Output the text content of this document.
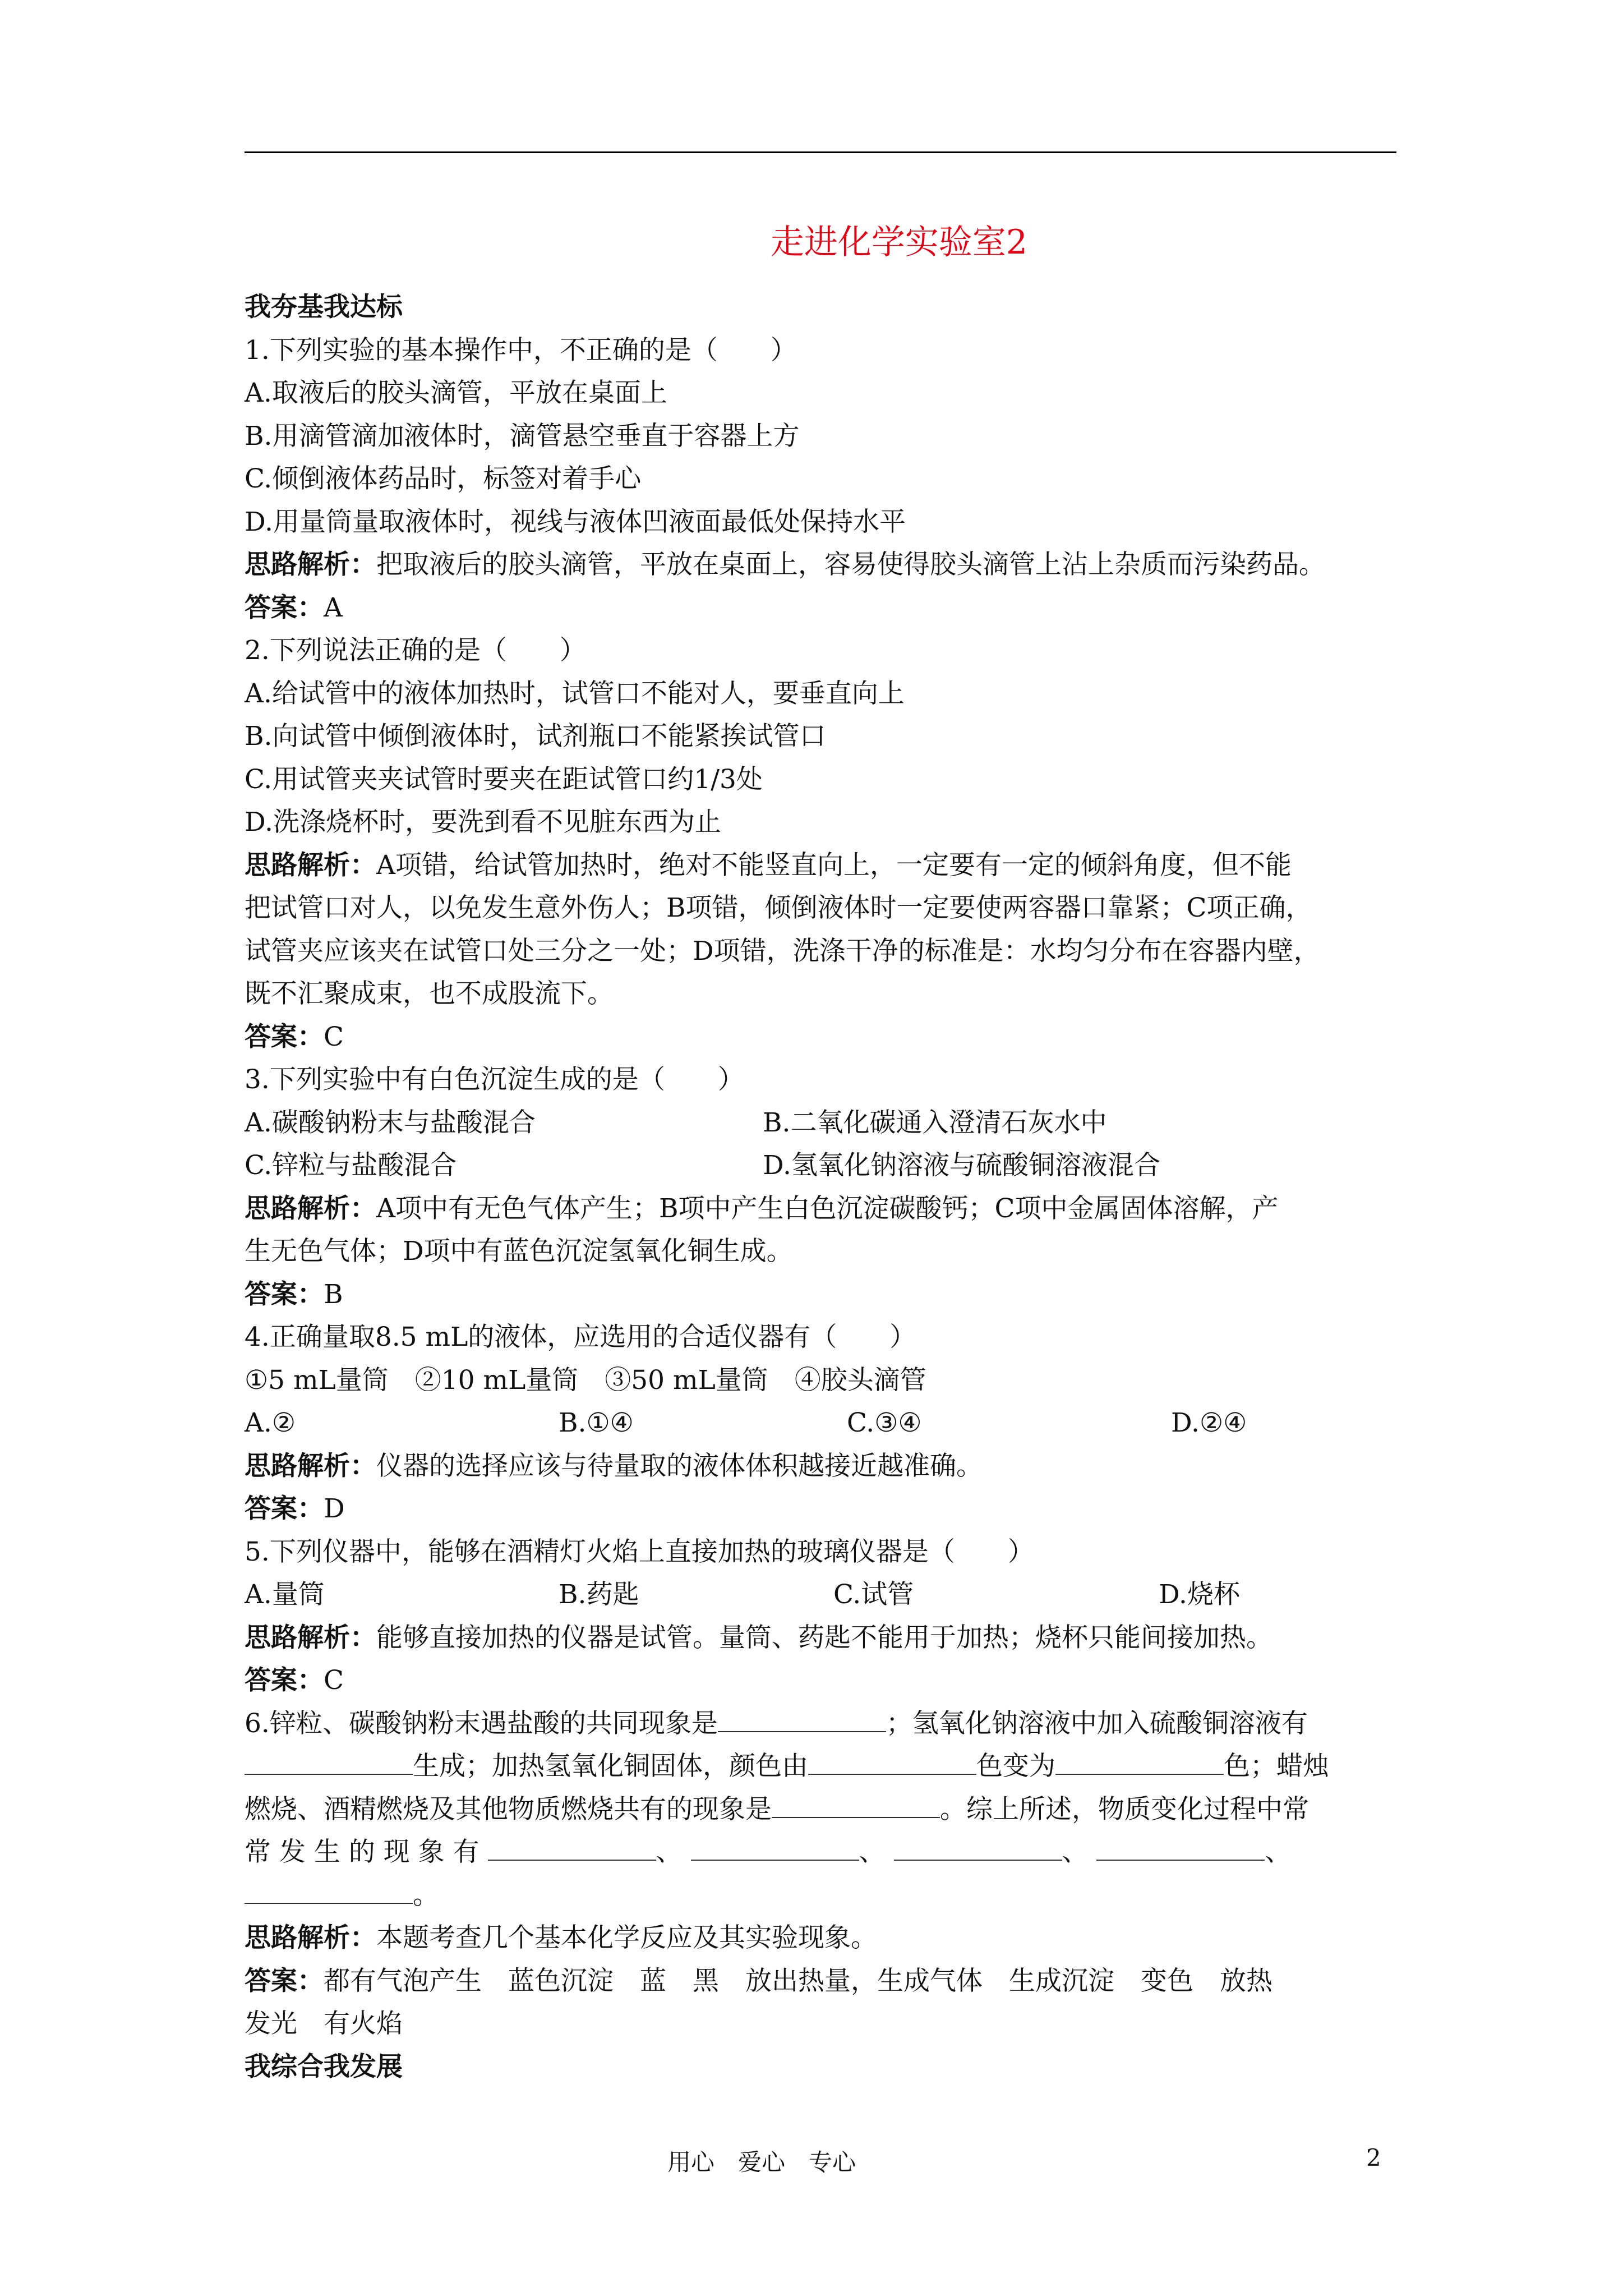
走进化学实验室2
我夯基我达标
1.下列实验的基本操作中，不正确的是（　　）
A.取液后的胶头滴管，平放在桌面上
B.用滴管滴加液体时，滴管悬空垂直于容器上方
C.倾倒液体药品时，标签对着手心
D.用量筒量取液体时，视线与液体凹液面最低处保持水平
思路解析：把取液后的胶头滴管，平放在桌面上，容易使得胶头滴管上沾上杂质而污染药品。
答案：A
2.下列说法正确的是（　　）
A.给试管中的液体加热时，试管口不能对人，要垂直向上
B.向试管中倾倒液体时，试剂瓶口不能紧挨试管口
C.用试管夹夹试管时要夹在距试管口约1/3处
D.洗涤烧杯时，要洗到看不见脏东西为止
思路解析：A项错，给试管加热时，绝对不能竖直向上，一定要有一定的倾斜角度，但不能
把试管口对人，以免发生意外伤人；B项错，倾倒液体时一定要使两容器口靠紧；C项正确，
试管夹应该夹在试管口处三分之一处；D项错，洗涤干净的标准是：水均匀分布在容器内壁，
既不汇聚成束，也不成股流下。
答案：C
3.下列实验中有白色沉淀生成的是（　　）
A.碳酸钠粉末与盐酸混合	B.二氧化碳通入澄清石灰水中
C.锌粒与盐酸混合	D.氢氧化钠溶液与硫酸铜溶液混合
思路解析：A项中有无色气体产生；B项中产生白色沉淀碳酸钙；C项中金属固体溶解，产
生无色气体；D项中有蓝色沉淀氢氧化铜生成。
答案：B
4.正确量取8.5 mL的液体，应选用的合适仪器有（　　）
①5 mL量筒　②10 mL量筒　③50 mL量筒　④胶头滴管
A.②	B.①④	C.③④	D.②④
思路解析：仪器的选择应该与待量取的液体体积越接近越准确。
答案：D
5.下列仪器中，能够在酒精灯火焰上直接加热的玻璃仪器是（　　）
A.量筒	B.药匙	C.试管	D.烧杯
思路解析：能够直接加热的仪器是试管。量筒、药匙不能用于加热；烧杯只能间接加热。
答案：C
6.锌粒、碳酸钠粉末遇盐酸的共同现象是	；氢氧化钠溶液中加入硫酸铜溶液有
生成；加热氢氧化铜固体，颜色由	色变为	色；蜡烛
燃烧、酒精燃烧及其他物质燃烧共有的现象是	。综上所述，物质变化过程中常
常 发 生 的 现 象 有	、	、	、	、
。
思路解析：本题考查几个基本化学反应及其实验现象。
答案：都有气泡产生　蓝色沉淀　蓝　黑　放出热量，生成气体　生成沉淀　变色　放热
发光　有火焰
我综合我发展
用心　爱心　专心	2
